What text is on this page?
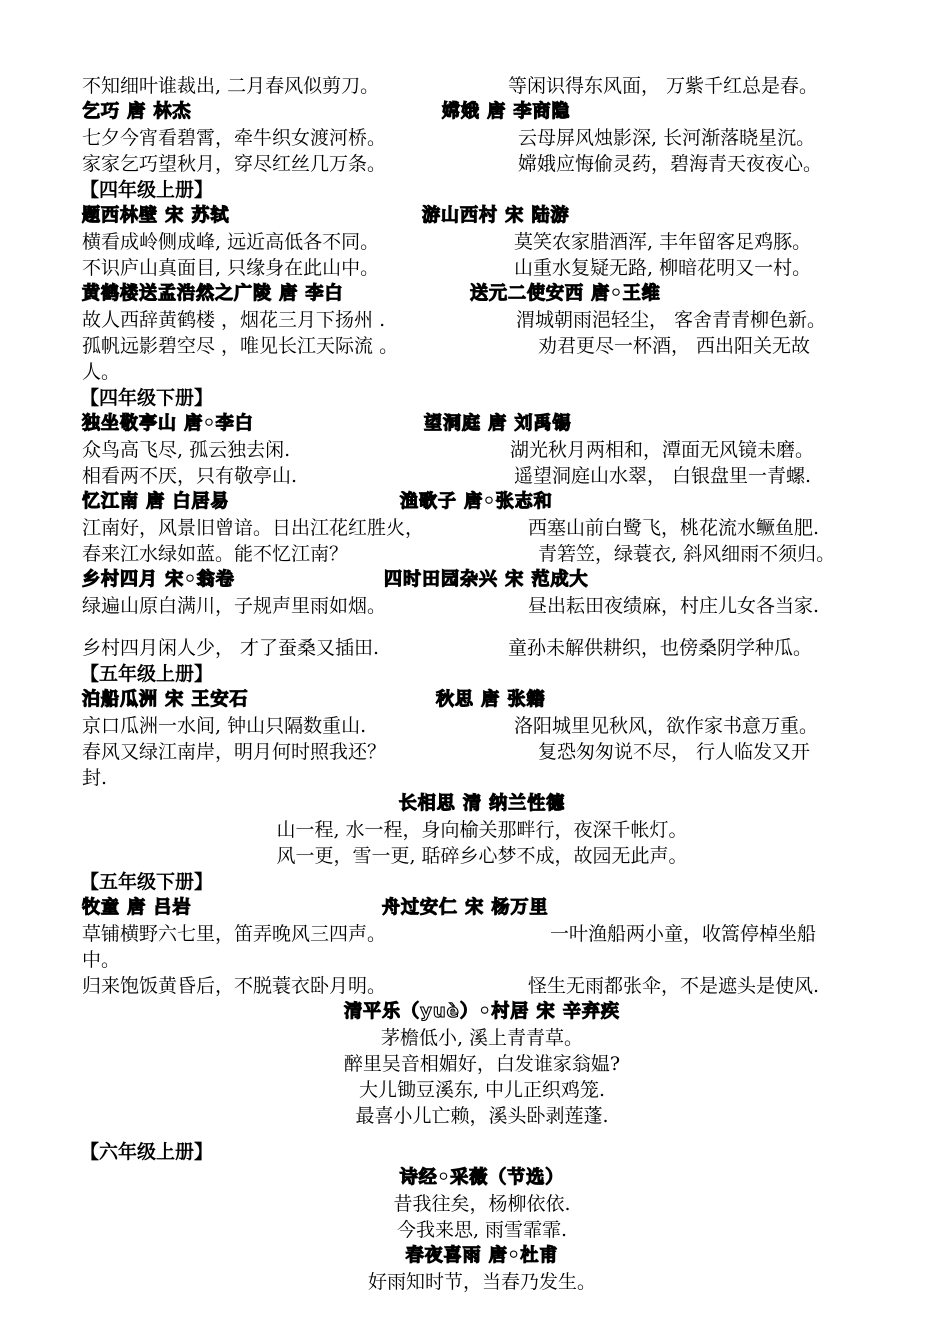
不知细叶谁裁出, 二月春风似剪刀。	等闲识得东风面， 万紫千红总是春。
乞巧 唐 林杰	嫦娥 唐 李商隐
七夕今宵看碧霄，牵牛织女渡河桥。	云母屏风烛影深, 长河渐落晓星沉。
家家乞巧望秋月，穿尽红丝几万条。	嫦娥应悔偷灵药，碧海青天夜夜心。
【四年级上册】
题西林壁 宋 苏轼	游山西村 宋 陆游
横看成岭侧成峰, 远近高低各不同。	莫笑农家腊酒浑, 丰年留客足鸡豚。
不识庐山真面目, 只缘身在此山中。	山重水复疑无路, 柳暗花明又一村。
黄鹤楼送孟浩然之广陵 唐 李白	送元二使安西 唐•王维
故人西辞黄鹤楼 ，烟花三月下扬州 .	渭城朝雨浥轻尘， 客舍青青柳色新。
孤帆远影碧空尽 ，唯见长江天际流 。	劝君更尽一杯酒， 西出阳关无故
人。
【四年级下册】
独坐敬亭山 唐•李白	望洞庭 唐 刘禹锡
众鸟高飞尽, 孤云独去闲.	湖光秋月两相和，潭面无风镜未磨。
相看两不厌，只有敬亭山.	遥望洞庭山水翠， 白银盘里一青螺.
忆江南 唐 白居易	渔歌子 唐•张志和
江南好，风景旧曾谙。日出江花红胜火，	西塞山前白鹭飞，桃花流水鳜鱼肥.
春来江水绿如蓝。能不忆江南？	青箬笠，绿蓑衣, 斜风细雨不须归。
乡村四月 宋•翁卷	四时田园杂兴 宋 范成大
绿遍山原白满川，子规声里雨如烟。	昼出耘田夜绩麻，村庄儿女各当家.
乡村四月闲人少， 才了蚕桑又插田.	童孙未解供耕织，也傍桑阴学种瓜。
【五年级上册】
泊船瓜洲 宋 王安石	秋思 唐 张籍
京口瓜洲一水间, 钟山只隔数重山.	洛阳城里见秋风，欲作家书意万重。
春风又绿江南岸，明月何时照我还？	复恐匆匆说不尽， 行人临发又开
封.
长相思 清 纳兰性德
山一程, 水一程，身向榆关那畔行，夜深千帐灯。
风一更，雪一更, 聒碎乡心梦不成，故园无此声。
【五年级下册】
牧童 唐 吕岩	舟过安仁 宋 杨万里
草铺横野六七里，笛弄晚风三四声。	一叶渔船两小童，收篙停棹坐船
中。
归来饱饭黄昏后，不脱蓑衣卧月明。	怪生无雨都张伞，不是遮头是使风.
清平乐（yuè）•村居 宋 辛弃疾
茅檐低小, 溪上青青草。
醉里吴音相媚好，白发谁家翁媪?
大儿锄豆溪东, 中儿正织鸡笼.
最喜小儿亡赖，溪头卧剥莲蓬.
【六年级上册】
诗经•采薇（节选）
昔我往矣，杨柳依依.
今我来思, 雨雪霏霏.
春夜喜雨 唐•杜甫
好雨知时节，当春乃发生。
